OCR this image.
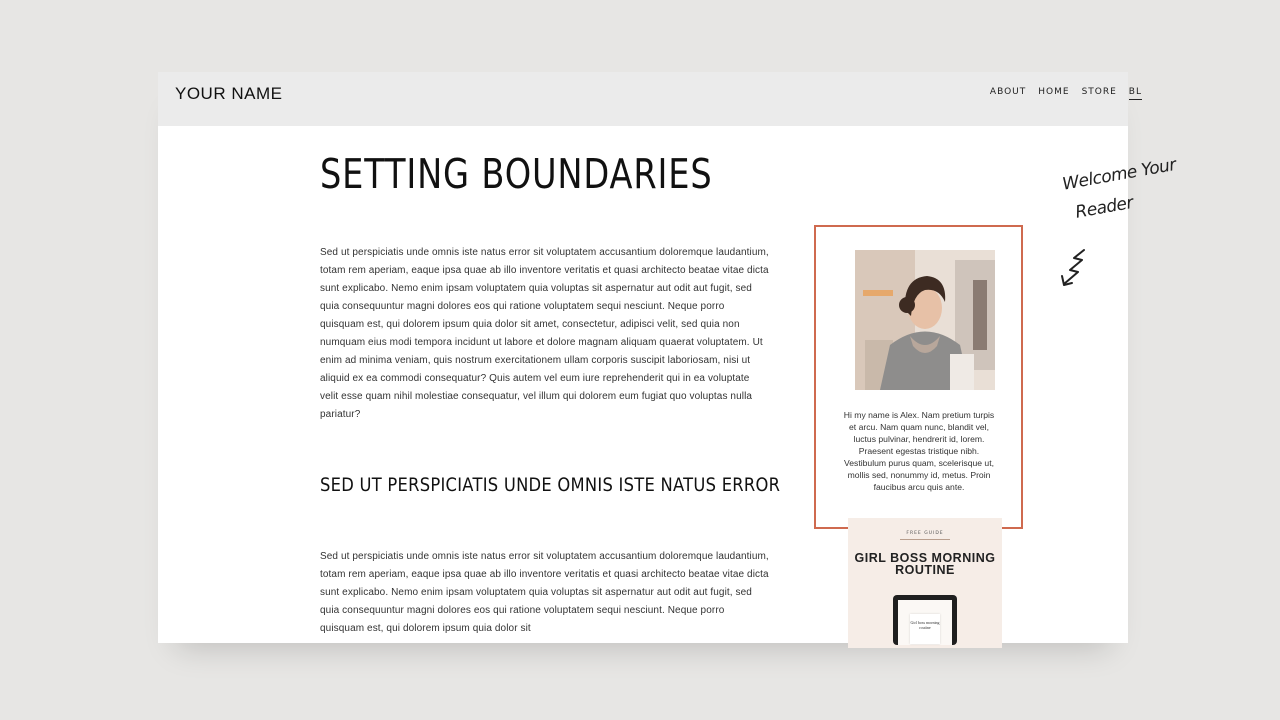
YOUR NAME	ABOUT HOME STORE BL
SETTING BOUNDARIES

Sed ut perspiciatis unde omnis iste natus error sit voluptatem accusantium doloremque laudantium, totam rem aperiam, eaque ipsa quae ab illo inventore veritatis et quasi architecto beatae vitae dicta sunt explicabo. Nemo enim ipsam voluptatem quia voluptas sit aspernatur aut odit aut fugit, sed quia consequuntur magni dolores eos qui ratione voluptatem sequi nesciunt. Neque porro quisquam est, qui dolorem ipsum quia dolor sit amet, consectetur, adipisci velit, sed quia non numquam eius modi tempora incidunt ut labore et dolore magnam aliquam quaerat voluptatem. Ut enim ad minima veniam, quis nostrum exercitationem ullam corporis suscipit laboriosam, nisi ut aliquid ex ea commodi consequatur? Quis autem vel eum iure reprehenderit qui in ea voluptate velit esse quam nihil molestiae consequatur, vel illum qui dolorem eum fugiat quo voluptas nulla pariatur?

SED UT PERSPICIATIS UNDE OMNIS ISTE NATUS ERROR

Sed ut perspiciatis unde omnis iste natus error sit voluptatem accusantium doloremque laudantium, totam rem aperiam, eaque ipsa quae ab illo inventore veritatis et quasi architecto beatae vitae dicta sunt explicabo. Nemo enim ipsam voluptatem quia voluptas sit aspernatur aut odit aut fugit, sed quia consequuntur magni dolores eos qui ratione voluptatem sequi nesciunt. Neque porro quisquam est, qui dolorem ipsum quia dolor sit

Hi my name is Alex. Nam pretium turpis et arcu. Nam quam nunc, blandit vel, luctus pulvinar, hendrerit id, lorem. Praesent egestas tristique nibh. Vestibulum purus quam, scelerisque ut, mollis sed, nonummy id, metus. Proin faucibus arcu quis ante.
FREE GUIDE
GIRL BOSS MORNING ROUTINE
Girl boss morning routine
Welcome Your
Reader
